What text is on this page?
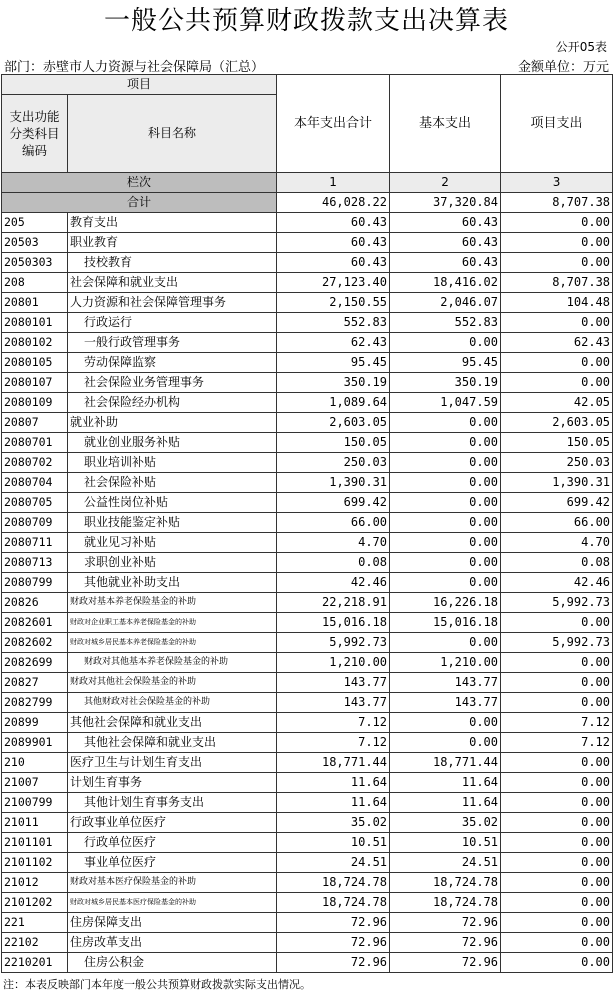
一般公共预算财政拨款支出决算表
公开05表
部门：赤壁市人力资源与社会保障局（汇总）	金额单位：万元
项目		本年支出合计	基本支出	项目支出
支出功能分类科目编码	科目名称			
栏次		1	2	3
合计		46,028.22	37,320.84	8,707.38
205	教育支出	60.43	60.43	0.00
20503	职业教育	60.43	60.43	0.00
2050303	技校教育	60.43	60.43	0.00
208	社会保障和就业支出	27,123.40	18,416.02	8,707.38
20801	人力资源和社会保障管理事务	2,150.55	2,046.07	104.48
2080101	行政运行	552.83	552.83	0.00
2080102	一般行政管理事务	62.43	0.00	62.43
2080105	劳动保障监察	95.45	95.45	0.00
2080107	社会保险业务管理事务	350.19	350.19	0.00
2080109	社会保险经办机构	1,089.64	1,047.59	42.05
20807	就业补助	2,603.05	0.00	2,603.05
2080701	就业创业服务补贴	150.05	0.00	150.05
2080702	职业培训补贴	250.03	0.00	250.03
2080704	社会保险补贴	1,390.31	0.00	1,390.31
2080705	公益性岗位补贴	699.42	0.00	699.42
2080709	职业技能鉴定补贴	66.00	0.00	66.00
2080711	就业见习补贴	4.70	0.00	4.70
2080713	求职创业补贴	0.08	0.00	0.08
2080799	其他就业补助支出	42.46	0.00	42.46
20826	财政对基本养老保险基金的补助	22,218.91	16,226.18	5,992.73
2082601	财政对企业职工基本养老保险基金的补助	15,016.18	15,016.18	0.00
2082602	财政对城乡居民基本养老保险基金的补助	5,992.73	0.00	5,992.73
2082699	财政对其他基本养老保险基金的补助	1,210.00	1,210.00	0.00
20827	财政对其他社会保险基金的补助	143.77	143.77	0.00
2082799	其他财政对社会保险基金的补助	143.77	143.77	0.00
20899	其他社会保障和就业支出	7.12	0.00	7.12
2089901	其他社会保障和就业支出	7.12	0.00	7.12
210	医疗卫生与计划生育支出	18,771.44	18,771.44	0.00
21007	计划生育事务	11.64	11.64	0.00
2100799	其他计划生育事务支出	11.64	11.64	0.00
21011	行政事业单位医疗	35.02	35.02	0.00
2101101	行政单位医疗	10.51	10.51	0.00
2101102	事业单位医疗	24.51	24.51	0.00
21012	财政对基本医疗保险基金的补助	18,724.78	18,724.78	0.00
2101202	财政对城乡居民基本医疗保险基金的补助	18,724.78	18,724.78	0.00
221	住房保障支出	72.96	72.96	0.00
22102	住房改革支出	72.96	72.96	0.00
2210201	住房公积金	72.96	72.96	0.00
注：本表反映部门本年度一般公共预算财政拨款实际支出情况。
